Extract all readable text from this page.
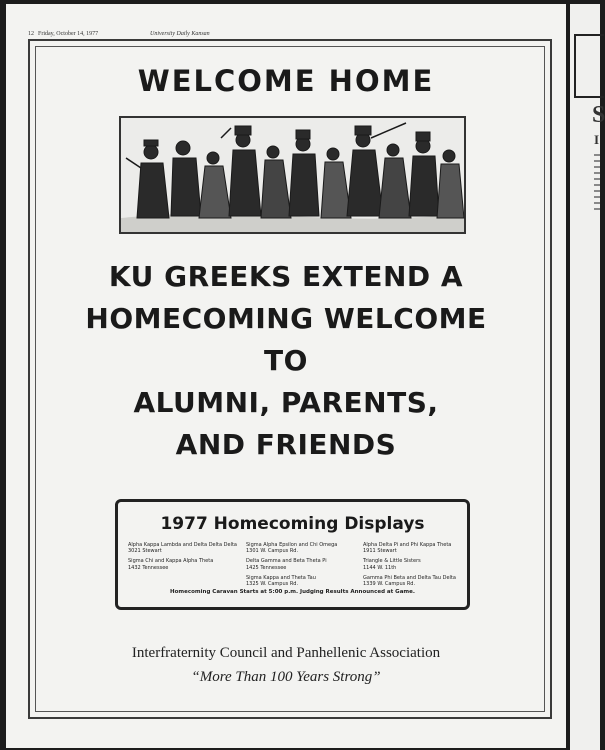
12 Friday, October 14, 1977	University Daily Kansan
WELCOME HOME
KU GREEKS EXTEND A
HOMECOMING WELCOME
TO
ALUMNI, PARENTS,
AND FRIENDS
1977 Homecoming Displays
Alpha Kappa Lambda and Delta Delta Delta
3021 Stewart
Sigma Chi and Kappa Alpha Theta
1432 Tennessee
Sigma Alpha Epsilon and Chi Omega
1301 W. Campus Rd.
Delta Gamma and Beta Theta Pi
1425 Tennessee
Sigma Kappa and Theta Tau
1325 W. Campus Rd.
Alpha Delta Pi and Phi Kappa Theta
1911 Stewart
Triangle & Little Sisters
1144 W. 11th
Gamma Phi Beta and Delta Tau Delta
1339 W. Campus Rd.
Homecoming Caravan Starts at 5:00 p.m. Judging Results Announced at Game.
Interfraternity Council and Panhellenic Association
“More Than 100 Years Strong”
S
I
